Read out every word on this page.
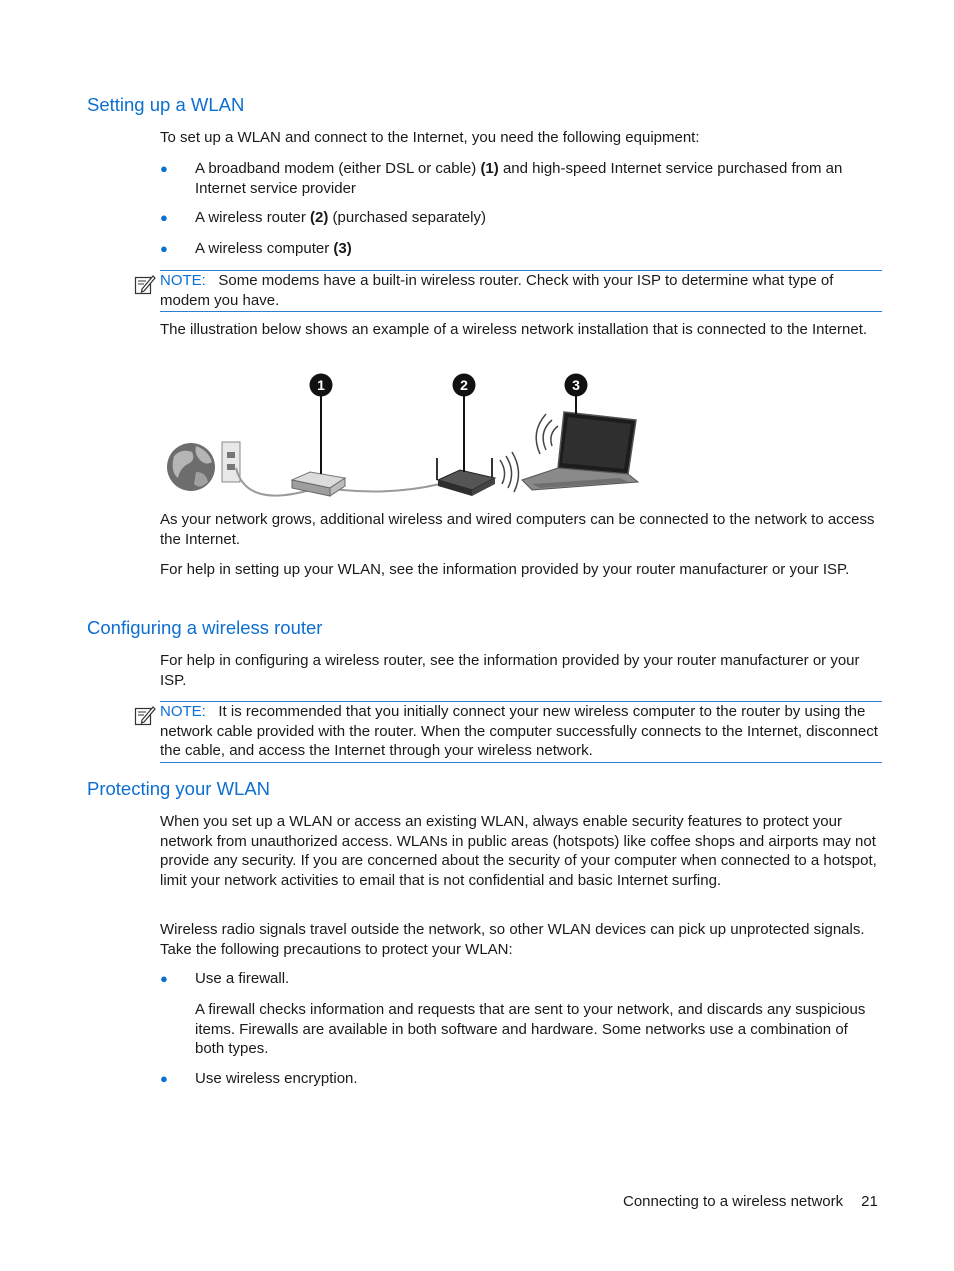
Setting up a WLAN

To set up a WLAN and connect to the Internet, you need the following equipment:

● A broadband modem (either DSL or cable) (1) and high-speed Internet service purchased from an Internet service provider
● A wireless router (2) (purchased separately)
● A wireless computer (3)
NOTE: Some modems have a built-in wireless router. Check with your ISP to determine what type of modem you have.

The illustration below shows an example of a wireless network installation that is connected to the Internet.

1	2	3

As your network grows, additional wireless and wired computers can be connected to the network to access the Internet.

For help in setting up your WLAN, see the information provided by your router manufacturer or your ISP.

Configuring a wireless router

For help in configuring a wireless router, see the information provided by your router manufacturer or your ISP.

NOTE: It is recommended that you initially connect your new wireless computer to the router by using the network cable provided with the router. When the computer successfully connects to the Internet, disconnect the cable, and access the Internet through your wireless network.
Protecting your WLAN

When you set up a WLAN or access an existing WLAN, always enable security features to protect your network from unauthorized access. WLANs in public areas (hotspots) like coffee shops and airports may not provide any security. If you are concerned about the security of your computer when connected to a hotspot, limit your network activities to email that is not confidential and basic Internet surfing.

Wireless radio signals travel outside the network, so other WLAN devices can pick up unprotected signals. Take the following precautions to protect your WLAN:

● Use a firewall.

A firewall checks information and requests that are sent to your network, and discards any suspicious items. Firewalls are available in both software and hardware. Some networks use a combination of both types.

● Use wireless encryption.
Connecting to a wireless network 21
